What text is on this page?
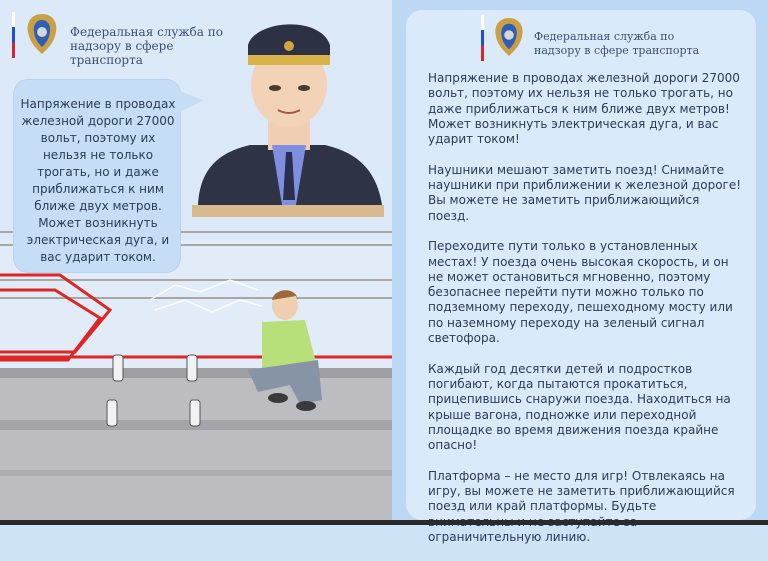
Федеральная служба по
надзору в сфере транспорта
Напряжение в проводах железной дороги 27000 вольт, поэтому их нельзя не только трогать, но и даже приближаться к ним ближе двух метров. Может возникнуть электрическая дуга, и вас ударит током.
Федеральная служба по
надзору в сфере транспорта

Напряжение в проводах железной дороги 27000 вольт, поэтому их нельзя не только трогать, но даже приближаться к ним ближе двух метров! Может возникнуть электрическая дуга, и вас ударит током!

Наушники мешают заметить поезд! Снимайте наушники при приближении к железной дороге! Вы можете не заметить приближающийся поезд.

Переходите пути только в установленных местах! У поезда очень высокая скорость, и он не может остановиться мгновенно, поэтому безопаснее перейти пути можно только по подземному переходу, пешеходному мосту или по наземному переходу на зеленый сигнал светофора.

Каждый год десятки детей и подростков погибают, когда пытаются прокатиться, прицепившись снаружи поезда. Находиться на крыше вагона, подножке или переходной площадке во время движения поезда крайне опасно!

Платформа – не место для игр! Отвлекаясь на игру, вы можете не заметить приближающийся поезд или край платформы. Будьте ограничительную линию.
